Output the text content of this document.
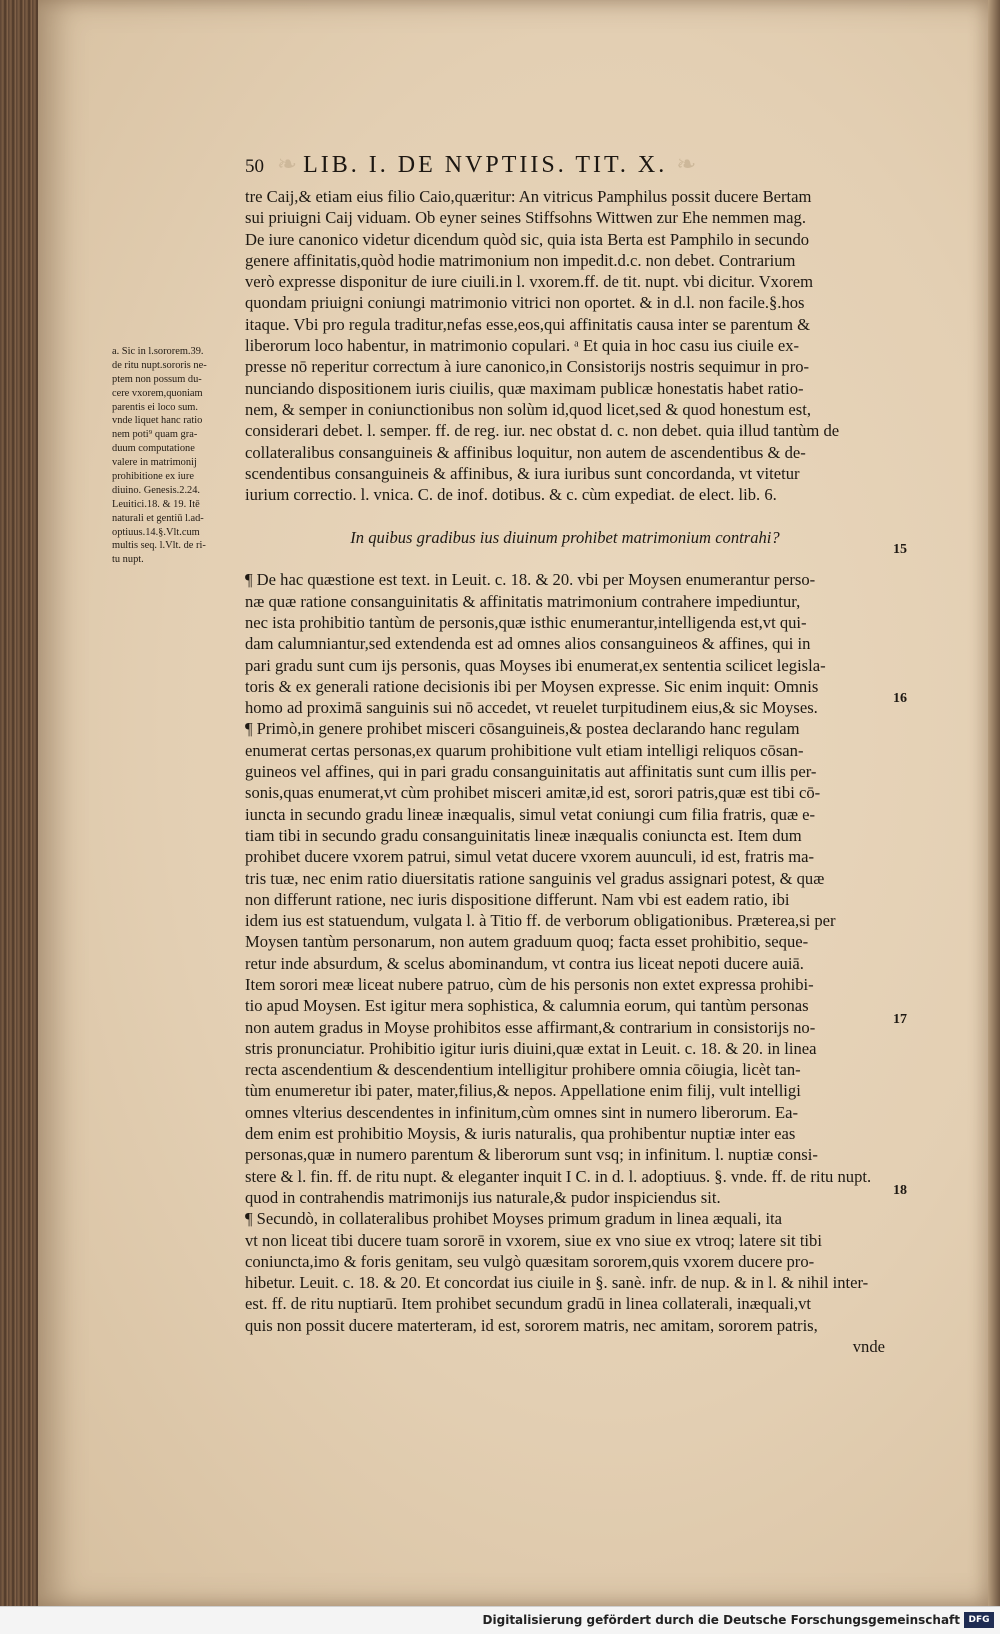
50 ❧ LIB. I. DE NVPTIIS. TIT. X. ❧
a. Sic in l.sororem.39.
de ritu nupt.sororis ne-
ptem non possum du-
cere vxorem,quoniam
parentis ei loco sum.
vnde liquet hanc ratio
nem poti⁹ quam gra-
duum computatione
valere in matrimonij
prohibitione ex iure
diuino. Genesis.2.24.
Leuitici.18. & 19. Itē
naturali et gentiū l.ad-
optiuus.14.§.Vlt.cum
multis seq. l.Vlt. de ri-
tu nupt.
tre Caij,& etiam eius filio Caio,quæritur: An vitricus Pamphilus possit ducere Bertam
sui priuigni Caij viduam. Ob eyner seines Stiffsohns Wittwen zur Ehe nemmen mag.
De iure canonico videtur dicendum quòd sic, quia ista Berta est Pamphilo in secundo
genere affinitatis,quòd hodie matrimonium non impedit.d.c. non debet. Contrarium
verò expresse disponitur de iure ciuili.in l. vxorem.ff. de tit. nupt. vbi dicitur. Vxorem
quondam priuigni coniungi matrimonio vitrici non oportet. & in d.l. non facile.§.hos
itaque. Vbi pro regula traditur,nefas esse,eos,qui affinitatis causa inter se parentum &
liberorum loco habentur, in matrimonio copulari. ᵃ Et quia in hoc casu ius ciuile ex-
presse nō reperitur correctum à iure canonico,in Consistorijs nostris sequimur in pro-
nunciando dispositionem iuris ciuilis, quæ maximam publicæ honestatis habet ratio-
nem, & semper in coniunctionibus non solùm id,quod licet,sed & quod honestum est,
considerari debet. l. semper. ff. de reg. iur. nec obstat d. c. non debet. quia illud tantùm de
collateralibus consanguineis & affinibus loquitur, non autem de ascendentibus & de-
scendentibus consanguineis & affinibus, & iura iuribus sunt concordanda, vt vitetur
iurium correctio. l. vnica. C. de inof. dotibus. & c. cùm expediat. de elect. lib. 6.
In quibus gradibus ius diuinum prohibet matrimonium contrahi?
¶ De hac quæstione est text. in Leuit. c. 18. & 20. vbi per Moysen enumerantur perso-
næ quæ ratione consanguinitatis & affinitatis matrimonium contrahere impediuntur,
nec ista prohibitio tantùm de personis,quæ isthic enumerantur,intelligenda est,vt qui-
dam calumniantur,sed extendenda est ad omnes alios consanguineos & affines, qui in
pari gradu sunt cum ijs personis, quas Moyses ibi enumerat,ex sententia scilicet legisla-
toris & ex generali ratione decisionis ibi per Moysen expresse. Sic enim inquit: Omnis
homo ad proximā sanguinis sui nō accedet, vt reuelet turpitudinem eius,& sic Moyses.
¶ Primò,in genere prohibet misceri cōsanguineis,& postea declarando hanc regulam
enumerat certas personas,ex quarum prohibitione vult etiam intelligi reliquos cōsan-
guineos vel affines, qui in pari gradu consanguinitatis aut affinitatis sunt cum illis per-
sonis,quas enumerat,vt cùm prohibet misceri amitæ,id est, sorori patris,quæ est tibi cō-
iuncta in secundo gradu lineæ inæqualis, simul vetat coniungi cum filia fratris, quæ e-
tiam tibi in secundo gradu consanguinitatis lineæ inæqualis coniuncta est. Item dum
prohibet ducere vxorem patrui, simul vetat ducere vxorem auunculi, id est, fratris ma-
tris tuæ, nec enim ratio diuersitatis ratione sanguinis vel gradus assignari potest, & quæ
non differunt ratione, nec iuris dispositione differunt. Nam vbi est eadem ratio, ibi
idem ius est statuendum, vulgata l. à Titio ff. de verborum obligationibus. Præterea,si per
Moysen tantùm personarum, non autem graduum quoq; facta esset prohibitio, seque-
retur inde absurdum, & scelus abominandum, vt contra ius liceat nepoti ducere auiā.
Item sorori meæ liceat nubere patruo, cùm de his personis non extet expressa prohibi-
tio apud Moysen. Est igitur mera sophistica, & calumnia eorum, qui tantùm personas
non autem gradus in Moyse prohibitos esse affirmant,& contrarium in consistorijs no-
stris pronunciatur. Prohibitio igitur iuris diuini,quæ extat in Leuit. c. 18. & 20. in linea
recta ascendentium & descendentium intelligitur prohibere omnia cōiugia, licèt tan-
tùm enumeretur ibi pater, mater,filius,& nepos. Appellatione enim filij, vult intelligi
omnes vlterius descendentes in infinitum,cùm omnes sint in numero liberorum. Ea-
dem enim est prohibitio Moysis, & iuris naturalis, qua prohibentur nuptiæ inter eas
personas,quæ in numero parentum & liberorum sunt vsq; in infinitum. l. nuptiæ consi-
stere & l. fin. ff. de ritu nupt. & eleganter inquit I C. in d. l. adoptiuus. §. vnde. ff. de ritu nupt.
quod in contrahendis matrimonijs ius naturale,& pudor inspiciendus sit.
¶ Secundò, in collateralibus prohibet Moyses primum gradum in linea æquali, ita
vt non liceat tibi ducere tuam sororē in vxorem, siue ex vno siue ex vtroq; latere sit tibi
coniuncta,imo & foris genitam, seu vulgò quæsitam sororem,quis vxorem ducere pro-
hibetur. Leuit. c. 18. & 20. Et concordat ius ciuile in §. sanè. infr. de nup. & in l. & nihil inter-
est. ff. de ritu nuptiarū. Item prohibet secundum gradū in linea collaterali, inæquali,vt
quis non possit ducere materteram, id est, sororem matris, nec amitam, sororem patris,
vnde
15
16
17
18
Digitalisierung gefördert durch die Deutsche Forschungsgemeinschaft DFG
